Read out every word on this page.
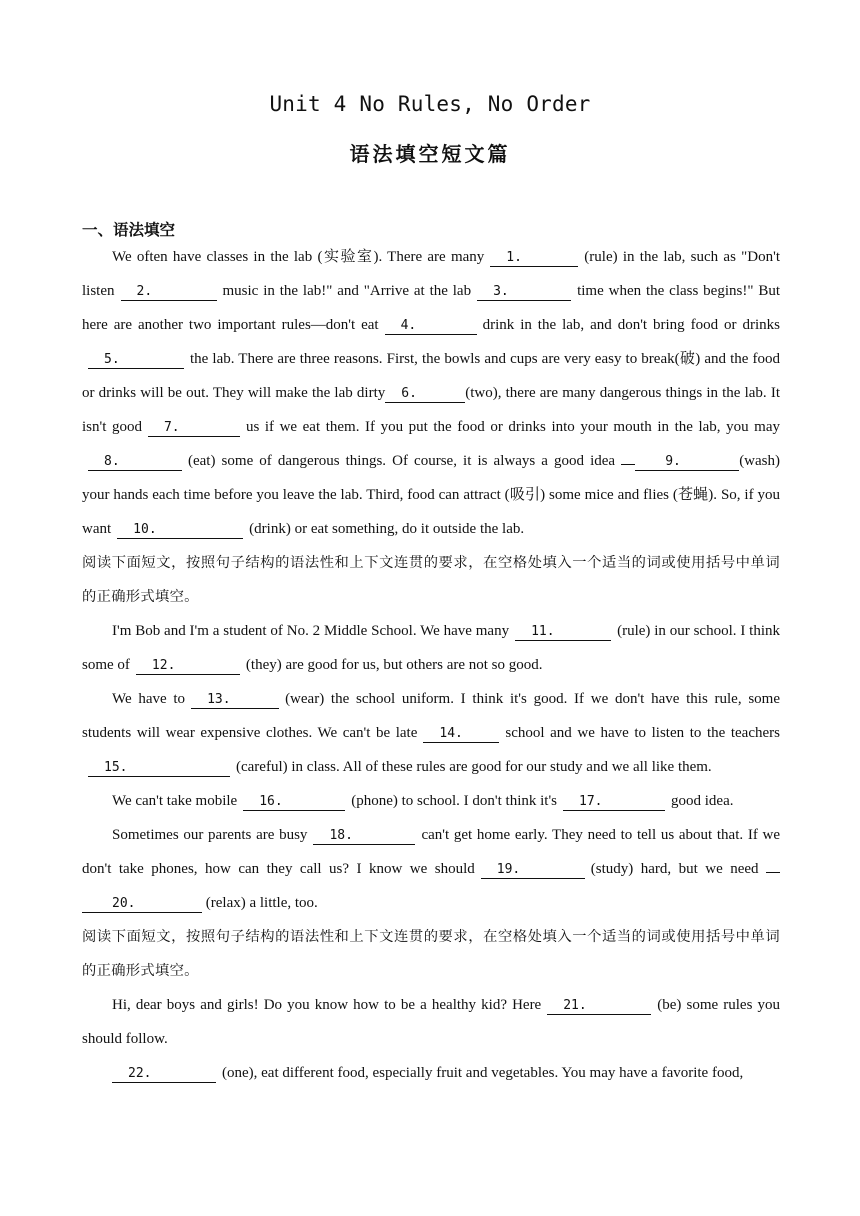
Unit 4 No Rules, No Order
语法填空短文篇
一、语法填空

We often have classes in the lab (实验室). There are many 1.	(rule) in the lab, such as "Don't listen 2.	music in the lab!" and "Arrive at the lab 3.	time when the class begins!" But here are another two important rules—don't eat 4.	drink in the lab, and don't bring food or drinks5.	the lab. There are three reasons. First, the bowls and cups are very easy to break(破) and the food or drinks will be out. They will make the lab dirty 6.	(two), there are many dangerous things in the lab. It isn't good 7.	us if we eat them. If you put the food or drinks into your mouth in the lab, you may8.	(eat) some of dangerous things. Of course, it is always a good idea	9.	(wash) your hands each time before you leave the lab. Third, food can attract (吸引) some mice and flies (苍蝇). So, if you want 10.	(drink) or eat something, do it outside the lab.

阅读下面短文，按照句子结构的语法性和上下文连贯的要求，在空格处填入一个适当的词或使用括号中单词的正确形式填空。

I'm Bob and I'm a student of No. 2 Middle School. We have many 11.	(rule) in our school. I think some of 12.	(they) are good for us, but others are not so good.

We have to 13.	(wear) the school uniform. I think it's good. If we don't have this rule, some students will wear expensive clothes. We can't be late 14.	school and we have to listen to the teachers15.	(careful) in class. All of these rules are good for our study and we all like them.

We can't take mobile 16.	(phone) to school. I don't think it's 17.	good idea.

Sometimes our parents are busy 18.	can't get home early. They need to tell us about that. If we don't take phones, how can they call us? I know we should 19.	(study) hard, but we need 20.	(relax) a little, too.

阅读下面短文，按照句子结构的语法性和上下文连贯的要求，在空格处填入一个适当的词或使用括号中单词的正确形式填空。

Hi, dear boys and girls! Do you know how to be a healthy kid? Here 21.	(be) some rules you should follow.

22.	(one), eat different food, especially fruit and vegetables. You may have a favorite food,
